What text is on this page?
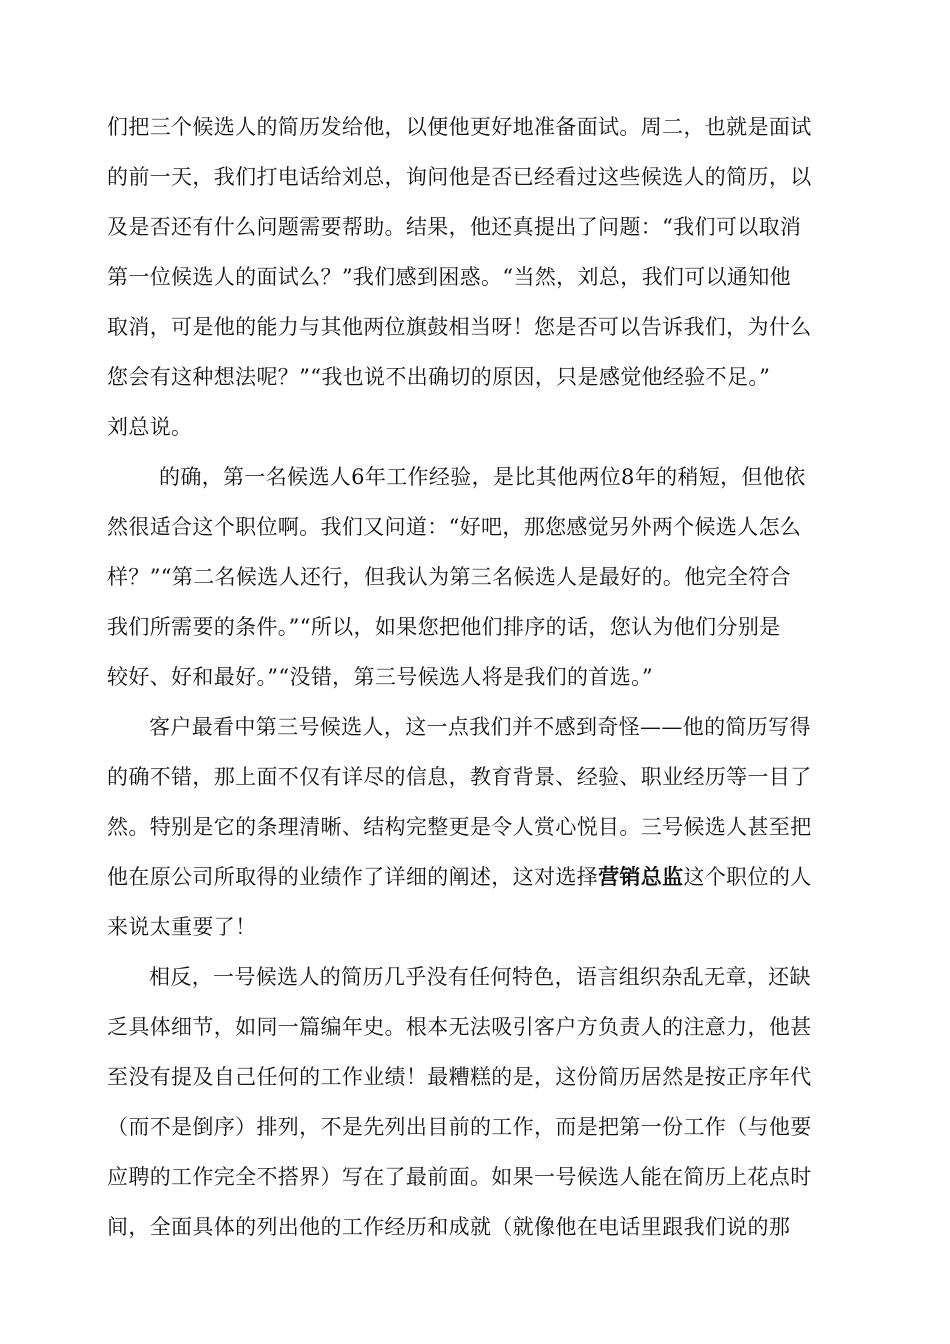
们把三个候选人的简历发给他，以便他更好地准备面试。周二，也就是面试
的前一天，我们打电话给刘总，询问他是否已经看过这些候选人的简历，以
及是否还有什么问题需要帮助。结果，他还真提出了问题：“我们可以取消
第一位候选人的面试么？”我们感到困惑。“当然，刘总，我们可以通知他
取消，可是他的能力与其他两位旗鼓相当呀！您是否可以告诉我们，为什么
您会有这种想法呢？”“我也说不出确切的原因，只是感觉他经验不足。”
刘总说。
的确，第一名候选人6年工作经验，是比其他两位8年的稍短，但他依
然很适合这个职位啊。我们又问道：“好吧，那您感觉另外两个候选人怎么
样？”“第二名候选人还行，但我认为第三名候选人是最好的。他完全符合
我们所需要的条件。”“所以，如果您把他们排序的话，您认为他们分别是
较好、好和最好。”“没错，第三号候选人将是我们的首选。”
客户最看中第三号候选人，这一点我们并不感到奇怪——他的简历写得
的确不错，那上面不仅有详尽的信息，教育背景、经验、职业经历等一目了
然。特别是它的条理清晰、结构完整更是令人赏心悦目。三号候选人甚至把
他在原公司所取得的业绩作了详细的阐述，这对选择营销总监这个职位的人
来说太重要了！
相反，一号候选人的简历几乎没有任何特色，语言组织杂乱无章，还缺
乏具体细节，如同一篇编年史。根本无法吸引客户方负责人的注意力，他甚
至没有提及自己任何的工作业绩！最糟糕的是，这份简历居然是按正序年代
（而不是倒序）排列，不是先列出目前的工作，而是把第一份工作（与他要
应聘的工作完全不搭界）写在了最前面。如果一号候选人能在简历上花点时
间，全面具体的列出他的工作经历和成就（就像他在电话里跟我们说的那
